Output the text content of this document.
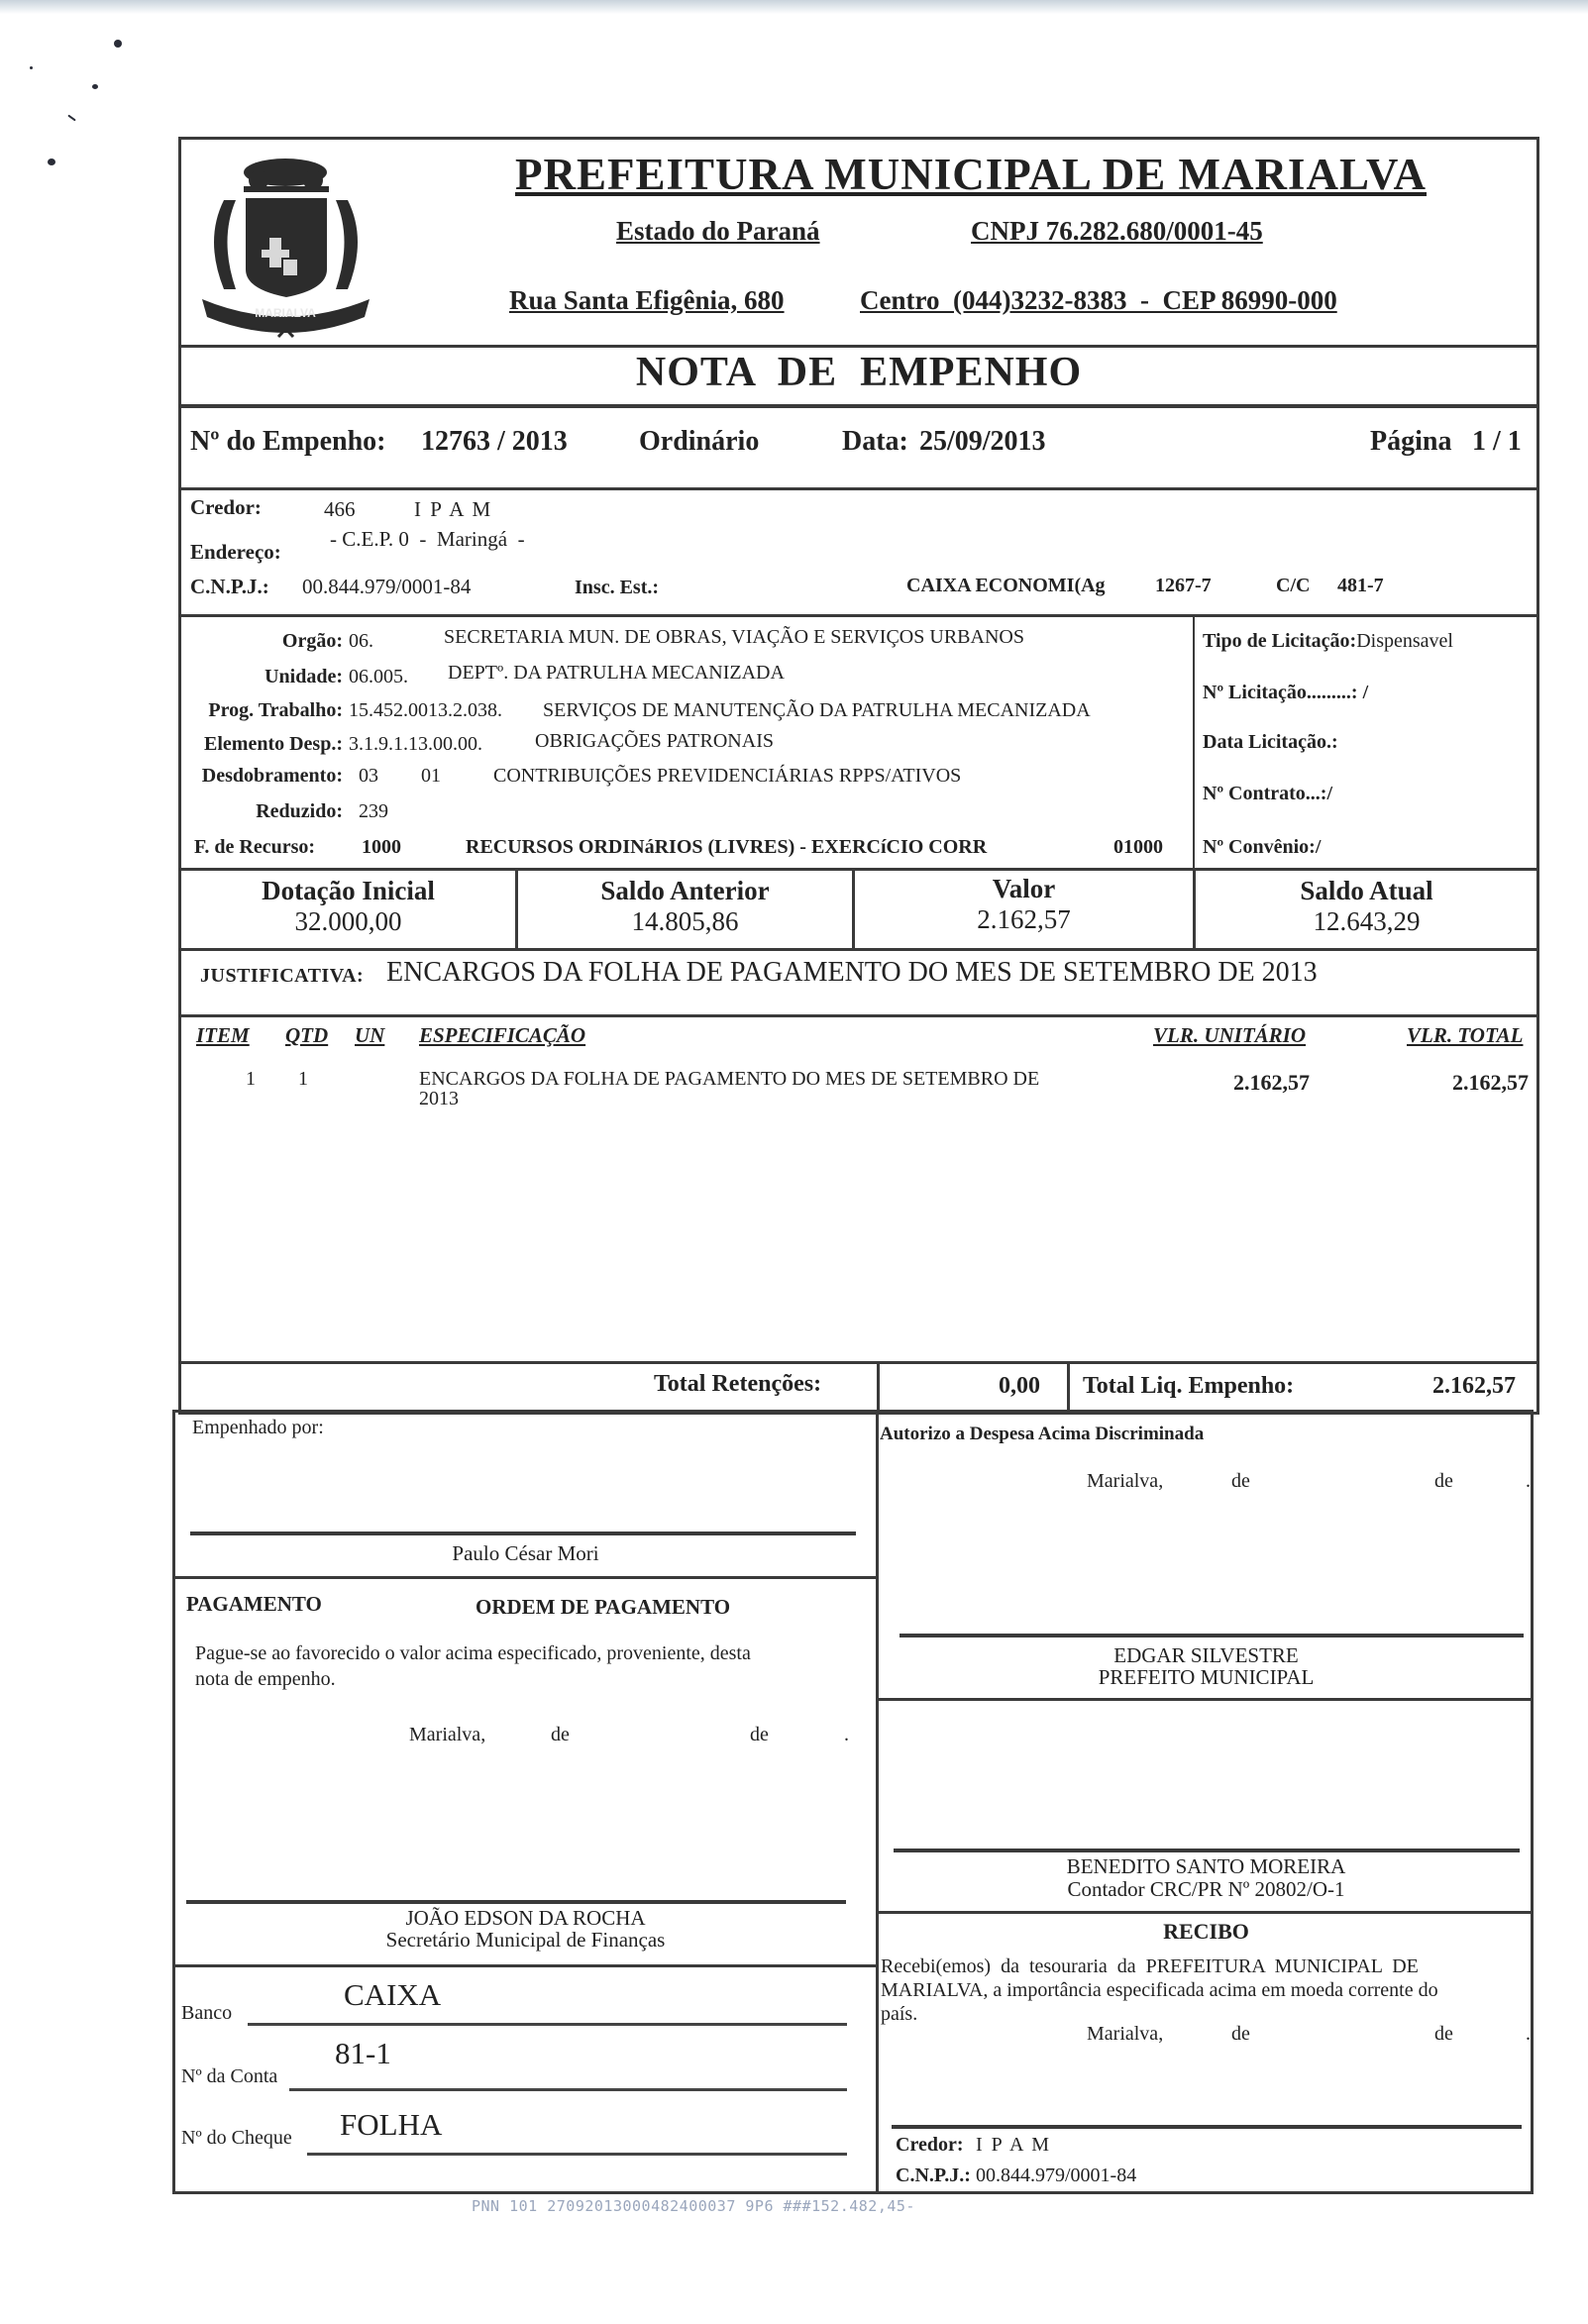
MARIALVA
PREFEITURA MUNICIPAL DE MARIALVA
Estado do Paraná	CNPJ 76.282.680/0001-45
Rua Santa Efigênia, 680	Centro  (044)3232-8383  -  CEP 86990-000
NOTA  DE  EMPENHO
Nº do Empenho: 12763 / 2013	Ordinário	Data: 25/09/2013	Página 1 / 1
Credor:	466	I P A M
Endereço:
- C.E.P. 0  -  Maringá  -
C.N.P.J.: 00.844.979/0001-84	Insc. Est.:	CAIXA ECONOMI(Ag	1267-7	C/C 481-7
Orgão: 06.	SECRETARIA MUN. DE OBRAS, VIAÇÃO E SERVIÇOS URBANOS
Unidade: 06.005. DEPTº. DA PATRULHA MECANIZADA
Prog. Trabalho: 15.452.0013.2.038. SERVIÇOS DE MANUTENÇÃO DA PATRULHA MECANIZADA
Elemento Desp.: 3.1.9.1.13.00.00.	OBRIGAÇÕES PATRONAIS
Desdobramento: 03 01	CONTRIBUIÇÕES PREVIDENCIÁRIAS RPPS/ATIVOS
Reduzido: 239
F. de Recurso: 1000	RECURSOS ORDINáRIOS (LIVRES) - EXERCíCIO CORR	01000
Tipo de Licitação:Dispensavel
Nº Licitação.........: /
Data Licitação.:
Nº Contrato...:/
Nº Convênio:/
Dotação Inicial
32.000,00
Saldo Anterior
14.805,86
Valor
2.162,57
Saldo Atual
12.643,29
JUSTIFICATIVA: ENCARGOS DA FOLHA DE PAGAMENTO DO MES DE SETEMBRO DE 2013
ITEM QTD UN ESPECIFICAÇÃO	VLR. UNITÁRIO	VLR. TOTAL
1 1	ENCARGOS DA FOLHA DE PAGAMENTO DO MES DE SETEMBRO DE
2013
2.162,57	2.162,57
Total Retenções:	0,00 Total Liq. Empenho:	2.162,57
Empenhado por:
Paulo César Mori
Autorizo a Despesa Acima Discriminada
Marialva,	de	de	.
EDGAR SILVESTRE
PREFEITO MUNICIPAL
PAGAMENTO	ORDEM DE PAGAMENTO
Pague-se ao favorecido o valor acima especificado, proveniente, desta
nota de empenho.
Marialva,	de	de	.
JOÃO EDSON DA ROCHA
Secretário Municipal de Finanças
BENEDITO SANTO MOREIRA
Contador CRC/PR Nº 20802/O-1
RECIBO
Recebi(emos)  da  tesouraria  da  PREFEITURA  MUNICIPAL  DE
MARIALVA, a importância especificada acima em moeda corrente do
país.
Marialva,	de	de	.
Credor: I P A M
C.N.P.J.: 00.844.979/0001-84
Banco
CAIXA
Nº da Conta
81-1
Nº do Cheque FOLHA
PNN 101 27092013000482400037 9P6 ###152.482,45-
